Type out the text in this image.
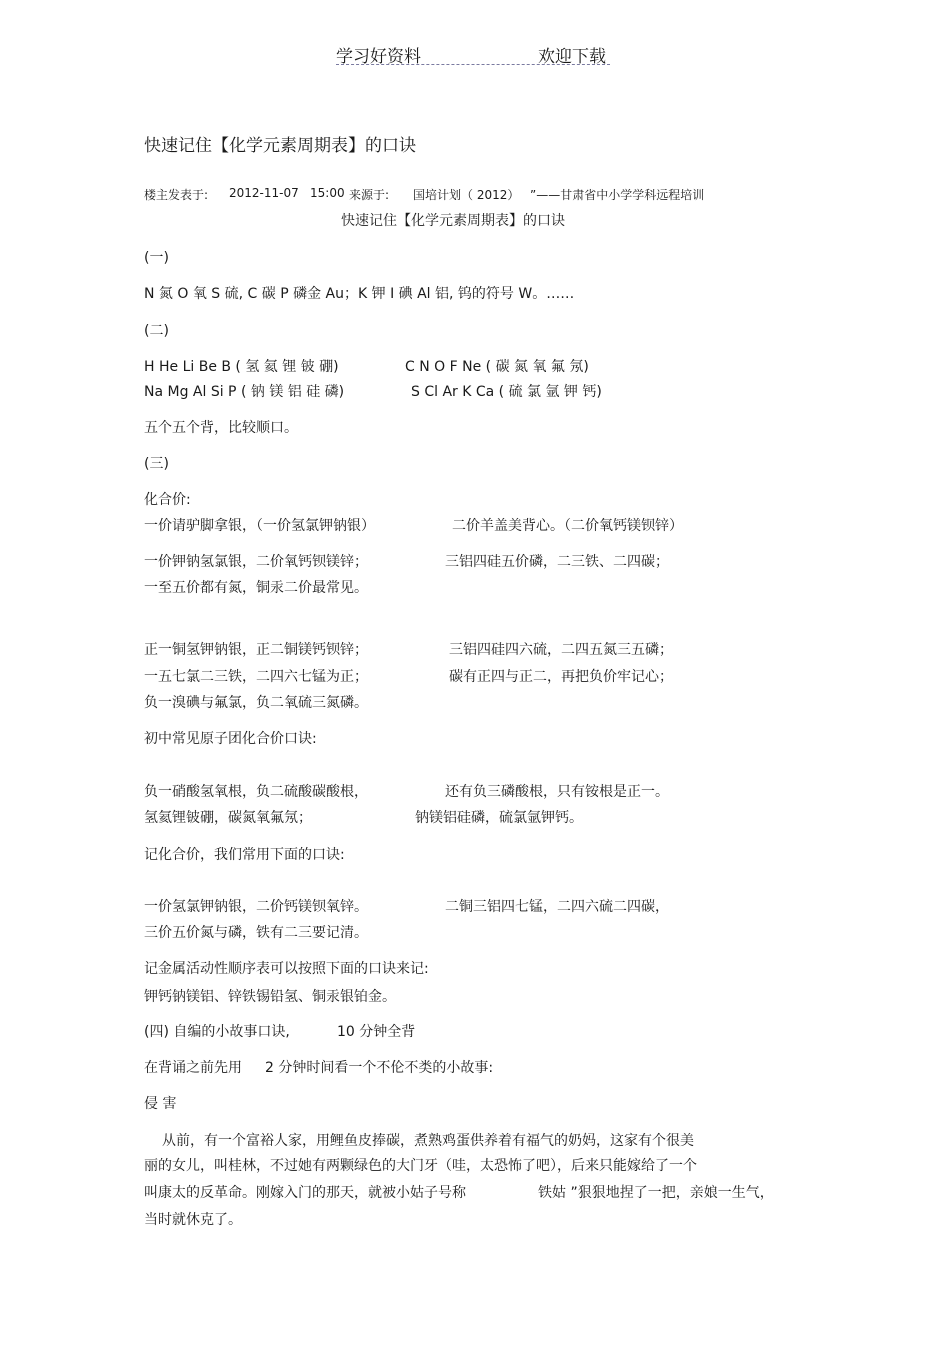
学习好资料	欢迎下载
快速记住【化学元素周期表】的口诀
楼主发表于: 2012-11-07 15:00 来源于: 国培计划（ 2012） ”——甘肃省中小学学科远程培训
快速记住【化学元素周期表】的口诀
(一)
N 氮 O 氧 S 硫, C 碳 P 磷金 Au；K 钾 I 碘 Al 铝, 钨的符号 W。……
(二)
H He Li Be B ( 氢 氦 锂 铍 硼)	C N O F Ne ( 碳 氮 氧 氟 氖)
Na Mg Al Si P ( 钠 镁 铝 硅 磷)	S Cl Ar K Ca ( 硫 氯 氩 钾 钙)
五个五个背，比较顺口。
(三)
化合价:
一价请驴脚拿银，（一价氢氯钾钠银）	二价羊盖美背心。（二价氧钙镁钡锌）
一价钾钠氢氯银，二价氧钙钡镁锌；	三铝四硅五价磷，二三铁、二四碳；
一至五价都有氮，铜汞二价最常见。
正一铜氢钾钠银，正二铜镁钙钡锌；	三铝四硅四六硫，二四五氮三五磷；
一五七氯二三铁，二四六七锰为正；	碳有正四与正二，再把负价牢记心；
负一溴碘与氟氯，负二氧硫三氮磷。
初中常见原子团化合价口诀:
负一硝酸氢氧根，负二硫酸碳酸根，	还有负三磷酸根，只有铵根是正一。
氢氦锂铍硼，碳氮氧氟氖；	钠镁铝硅磷，硫氯氩钾钙。
记化合价，我们常用下面的口诀:
一价氢氯钾钠银，二价钙镁钡氧锌。	二铜三铝四七锰，二四六硫二四碳，
三价五价氮与磷，铁有二三要记清。
记金属活动性顺序表可以按照下面的口诀来记:
钾钙钠镁铝、锌铁锡铅氢、铜汞银铂金。
(四) 自编的小故事口诀,	10 分钟全背
在背诵之前先用 2 分钟时间看一个不伦不类的小故事:
侵 害
从前，有一个富裕人家，用鲤鱼皮捧碳，煮熟鸡蛋供养着有福气的奶妈，这家有个很美
丽的女儿，叫桂林，不过她有两颗绿色的大门牙（哇，太恐怖了吧），后来只能嫁给了一个
叫康太的反革命。刚嫁入门的那天，就被小姑子号称	铁姑 ”狠狠地捏了一把，亲娘一生气，
当时就休克了。
